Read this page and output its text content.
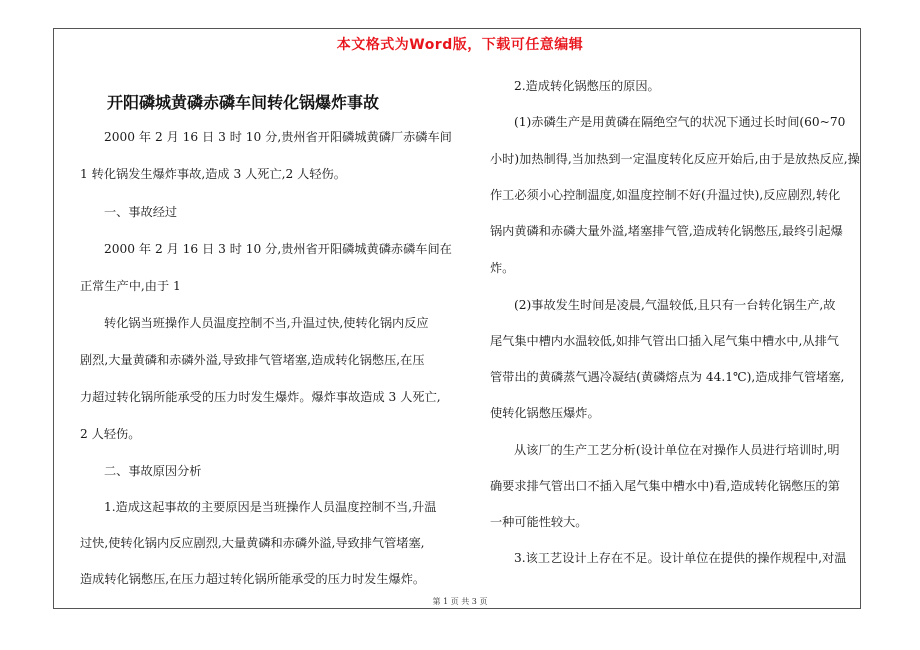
本文格式为Word版，下载可任意编辑
开阳磷城黄磷赤磷车间转化锅爆炸事故

2000 年 2 月 16 日 3 时 10 分,贵州省开阳磷城黄磷厂赤磷车间

1 转化锅发生爆炸事故,造成 3 人死亡,2 人轻伤。

一、事故经过

2000 年 2 月 16 日 3 时 10 分,贵州省开阳磷城黄磷赤磷车间在

正常生产中,由于 1

转化锅当班操作人员温度控制不当,升温过快,使转化锅内反应

剧烈,大量黄磷和赤磷外溢,导致排气管堵塞,造成转化锅憋压,在压

力超过转化锅所能承受的压力时发生爆炸。爆炸事故造成 3 人死亡,

2 人轻伤。

二、事故原因分析

1.造成这起事故的主要原因是当班操作人员温度控制不当,升温

过快,使转化锅内反应剧烈,大量黄磷和赤磷外溢,导致排气管堵塞,

造成转化锅憋压,在压力超过转化锅所能承受的压力时发生爆炸。

2.造成转化锅憋压的原因。

(1)赤磷生产是用黄磷在隔绝空气的状况下通过长时间(60~70

小时)加热制得,当加热到一定温度转化反应开始后,由于是放热反应,操

作工必须小心控制温度,如温度控制不好(升温过快),反应剧烈,转化

锅内黄磷和赤磷大量外溢,堵塞排气管,造成转化锅憋压,最终引起爆

炸。

(2)事故发生时间是凌晨,气温较低,且只有一台转化锅生产,故

尾气集中槽内水温较低,如排气管出口插入尾气集中槽水中,从排气

管带出的黄磷蒸气遇冷凝结(黄磷熔点为 44.1℃),造成排气管堵塞,

使转化锅憋压爆炸。

从该厂的生产工艺分析(设计单位在对操作人员进行培训时,明

确要求排气管出口不插入尾气集中槽水中)看,造成转化锅憋压的第

一种可能性较大。

3.该工艺设计上存在不足。设计单位在提供的操作规程中,对温

第 1 页 共 3 页
